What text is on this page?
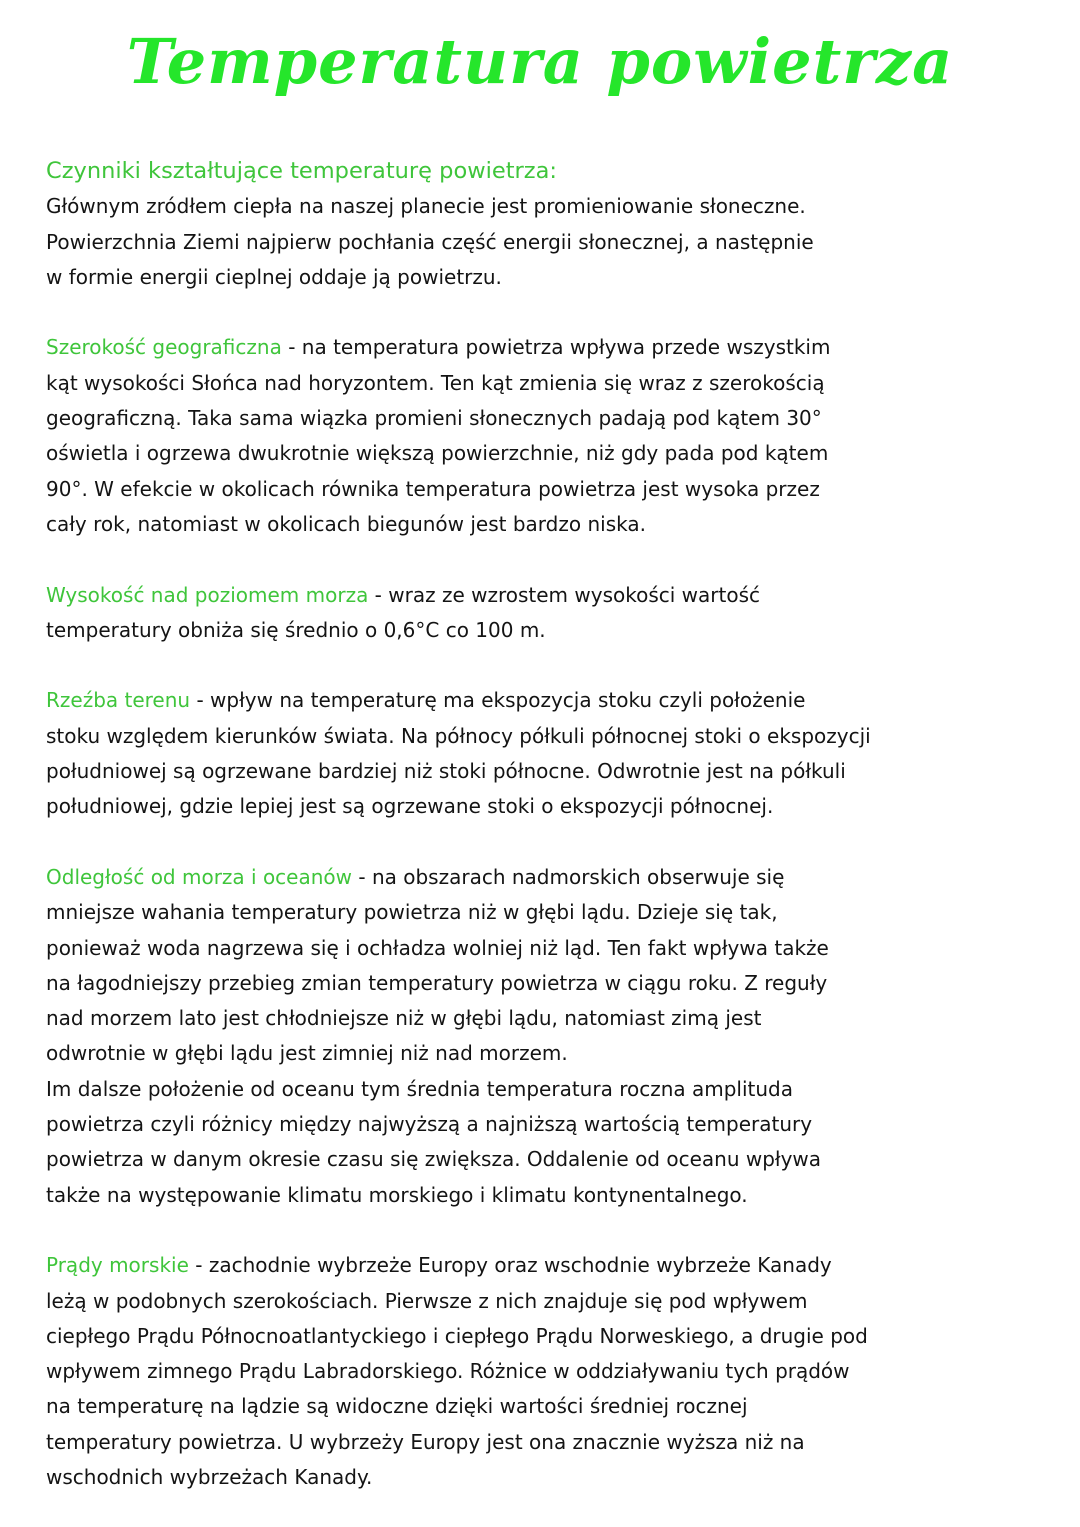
Temperatura powietrza

Czynniki kształtujące temperaturę powietrza:

Głównym zródłem ciepła na naszej planecie jest promieniowanie słoneczne.

Powierzchnia Ziemi najpierw pochłania część energii słonecznej, a następnie

w formie energii cieplnej oddaje ją powietrzu.

Szerokość geograficzna - na temperatura powietrza wpływa przede wszystkim

kąt wysokości Słońca nad horyzontem. Ten kąt zmienia się wraz z szerokością

geograficzną. Taka sama wiązka promieni słonecznych padają pod kątem 30°

oświetla i ogrzewa dwukrotnie większą powierzchnie, niż gdy pada pod kątem

90°. W efekcie w okolicach równika temperatura powietrza jest wysoka przez

cały rok, natomiast w okolicach biegunów jest bardzo niska.

Wysokość nad poziomem morza - wraz ze wzrostem wysokości wartość

temperatury obniża się średnio o 0,6°C co 100 m.

Rzeźba terenu - wpływ na temperaturę ma ekspozycja stoku czyli położenie

stoku względem kierunków świata. Na północy półkuli północnej stoki o ekspozycji

południowej są ogrzewane bardziej niż stoki północne. Odwrotnie jest na półkuli

południowej, gdzie lepiej jest są ogrzewane stoki o ekspozycji północnej.

Odległość od morza i oceanów - na obszarach nadmorskich obserwuje się

mniejsze wahania temperatury powietrza niż w głębi lądu. Dzieje się tak,

ponieważ woda nagrzewa się i ochładza wolniej niż ląd. Ten fakt wpływa także

na łagodniejszy przebieg zmian temperatury powietrza w ciągu roku. Z reguły

nad morzem lato jest chłodniejsze niż w głębi lądu, natomiast zimą jest

odwrotnie w głębi lądu jest zimniej niż nad morzem.

Im dalsze położenie od oceanu tym średnia temperatura roczna amplituda

powietrza czyli różnicy między najwyższą a najniższą wartością temperatury

powietrza w danym okresie czasu się zwiększa. Oddalenie od oceanu wpływa

także na występowanie klimatu morskiego i klimatu kontynentalnego.

Prądy morskie - zachodnie wybrzeże Europy oraz wschodnie wybrzeże Kanady

leżą w podobnych szerokościach. Pierwsze z nich znajduje się pod wpływem

ciepłego Prądu Północnoatlantyckiego i ciepłego Prądu Norweskiego, a drugie pod

wpływem zimnego Prądu Labradorskiego. Różnice w oddziaływaniu tych prądów

na temperaturę na lądzie są widoczne dzięki wartości średniej rocznej

temperatury powietrza. U wybrzeży Europy jest ona znacznie wyższa niż na

wschodnich wybrzeżach Kanady.
